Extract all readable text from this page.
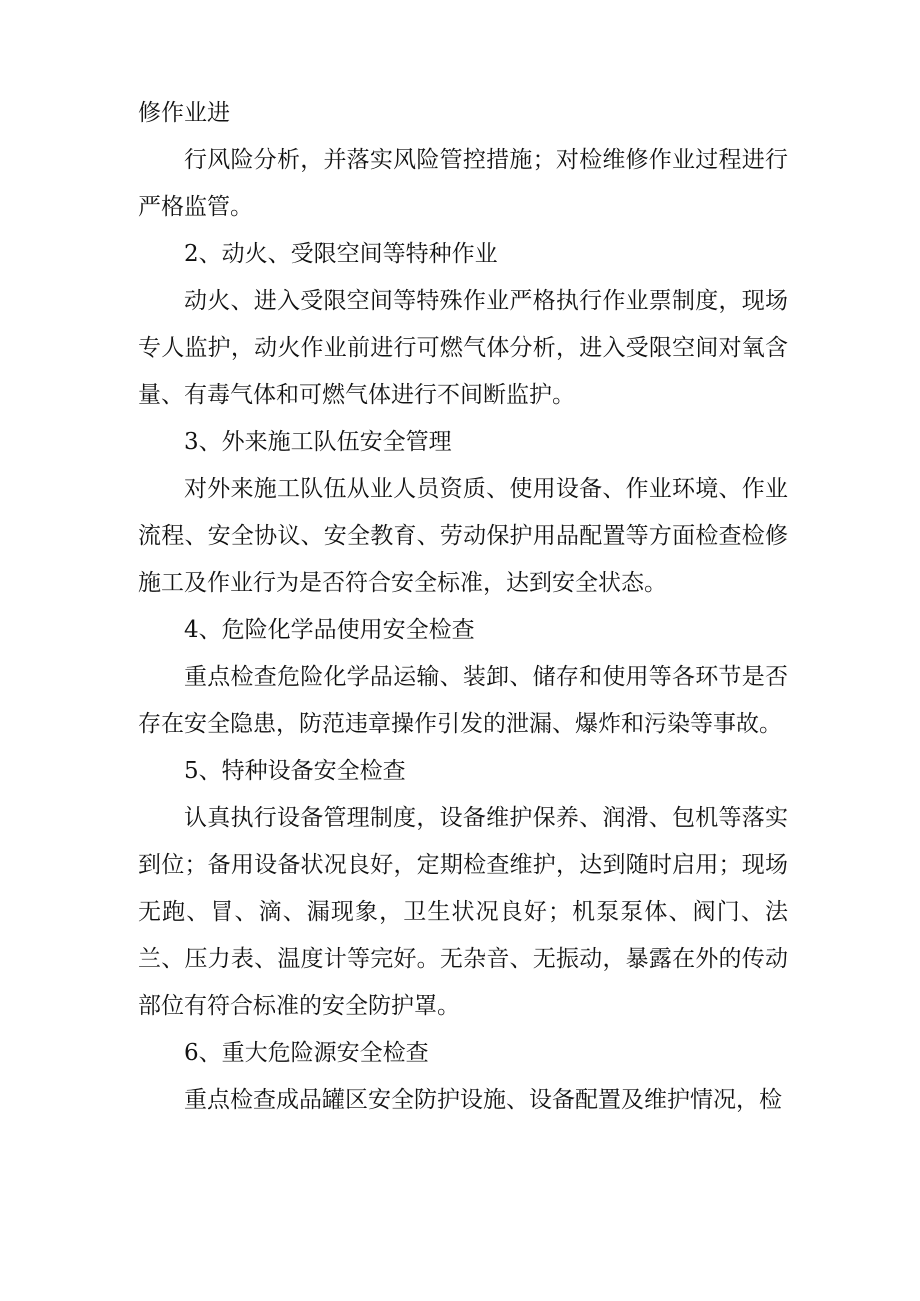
修作业进

行风险分析，并落实风险管控措施；对检维修作业过程进行严格监管。

2、动火、受限空间等特种作业

动火、进入受限空间等特殊作业严格执行作业票制度，现场专人监护，动火作业前进行可燃气体分析，进入受限空间对氧含量、有毒气体和可燃气体进行不间断监护。

3、外来施工队伍安全管理

对外来施工队伍从业人员资质、使用设备、作业环境、作业流程、安全协议、安全教育、劳动保护用品配置等方面检查检修施工及作业行为是否符合安全标准，达到安全状态。

4、危险化学品使用安全检查

重点检查危险化学品运输、装卸、储存和使用等各环节是否存在安全隐患，防范违章操作引发的泄漏、爆炸和污染等事故。

5、特种设备安全检查

认真执行设备管理制度，设备维护保养、润滑、包机等落实到位；备用设备状况良好，定期检查维护，达到随时启用；现场无跑、冒、滴、漏现象，卫生状况良好；机泵泵体、阀门、法兰、压力表、温度计等完好。无杂音、无振动，暴露在外的传动部位有符合标准的安全防护罩。

6、重大危险源安全检查

重点检查成品罐区安全防护设施、设备配置及维护情况，检
